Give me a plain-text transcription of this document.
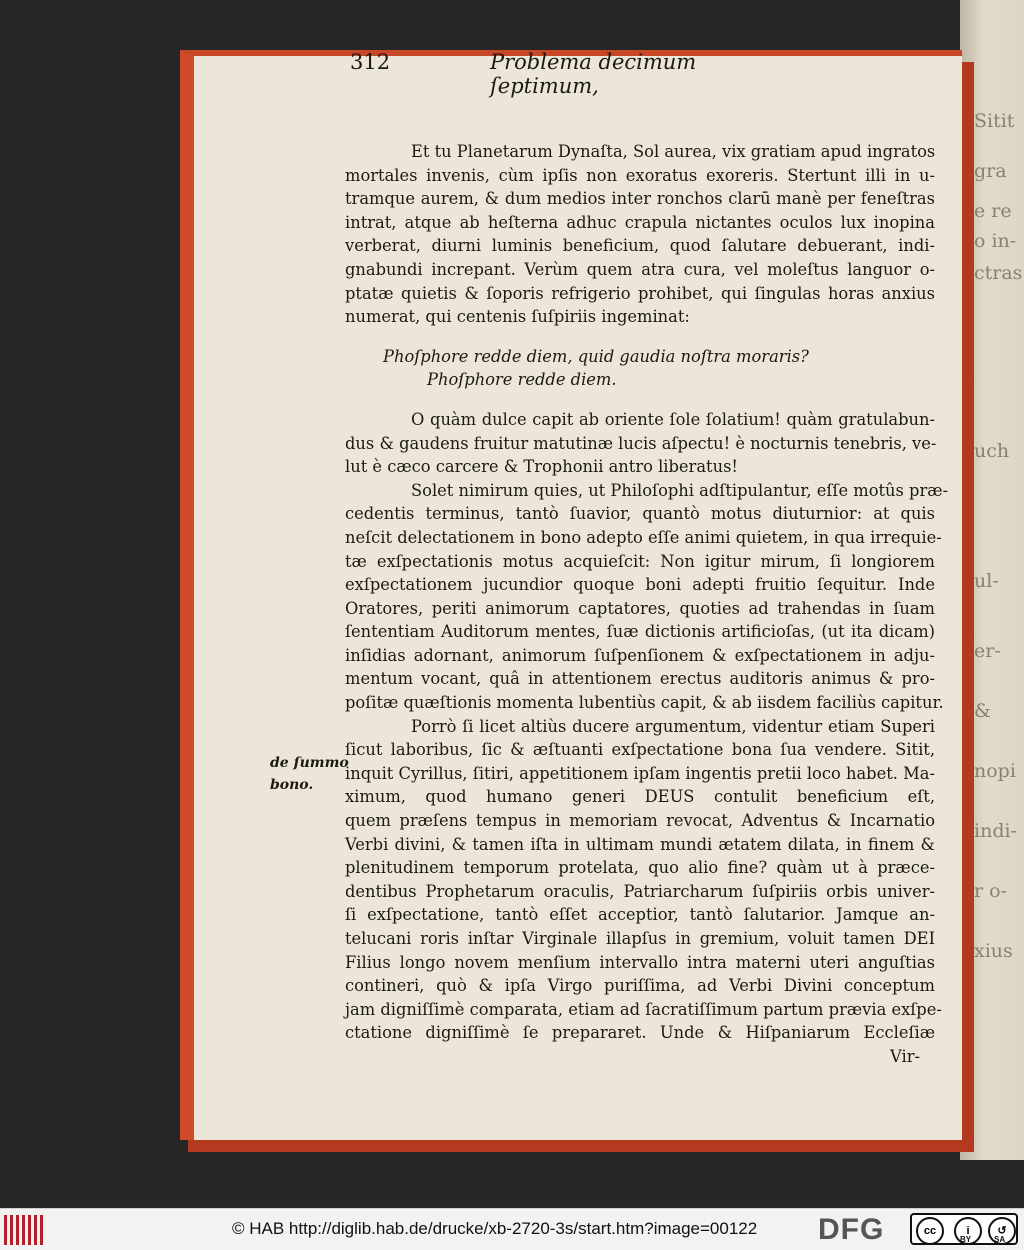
Sitit
gra
e re
o in-
ctras
uch
ul-
er-
&
nopi
indi-
r o-
xius
312	Problema decimum ſeptimum,
de ſummo
bono.
Et tu Planetarum Dynaſta, Sol aurea, vix gratiam apud ingratos
mortales invenis, cùm ipſis non exoratus exoreris. Stertunt illi in u-
tramque aurem, & dum medios inter ronchos clarū manè per feneſtras
intrat, atque ab heſterna adhuc crapula nictantes oculos lux inopina
verberat, diurni luminis beneficium, quod ſalutare debuerant, indi-
gnabundi increpant. Verùm quem atra cura, vel moleſtus languor o-
ptatæ quietis & ſoporis refrigerio prohibet, qui ſingulas horas anxius
numerat, qui centenis ſuſpiriis ingeminat:
Phoſphore redde diem, quid gaudia noſtra moraris?
Phoſphore redde diem.
O quàm dulce capit ab oriente ſole ſolatium! quàm gratulabun-
dus & gaudens fruitur matutinæ lucis aſpectu! è nocturnis tenebris, ve-
lut è cæco carcere & Trophonii antro liberatus!
Solet nimirum quies, ut Philoſophi adſtipulantur, eſſe motûs præ-
cedentis terminus, tantò ſuavior, quantò motus diuturnior: at quis
neſcit delectationem in bono adepto eſſe animi quietem, in qua irrequie-
tæ exſpectationis motus acquieſcit: Non igitur mirum, ſi longiorem
exſpectationem jucundior quoque boni adepti fruitio ſequitur. Inde
Oratores, periti animorum captatores, quoties ad trahendas in ſuam
ſententiam Auditorum mentes, ſuæ dictionis artificioſas, (ut ita dicam)
inſidias adornant, animorum ſuſpenſionem & exſpectationem in adju-
mentum vocant, quâ in attentionem erectus auditoris animus & pro-
poſitæ quæſtionis momenta lubentiùs capit, & ab iisdem faciliùs capitur.
Porrò ſi licet altiùs ducere argumentum, videntur etiam Superi
ſicut laboribus, ſic & æſtuanti exſpectatione bona ſua vendere. Sitit,
inquit Cyrillus, ſitiri, appetitionem ipſam ingentis pretii loco habet. Ma-
ximum, quod humano generi DEUS contulit beneficium eſt,
quem præſens tempus in memoriam revocat, Adventus & Incarnatio
Verbi divini, & tamen iſta in ultimam mundi ætatem dilata, in finem &
plenitudinem temporum protelata, quo alio fine? quàm ut à præce-
dentibus Prophetarum oraculis, Patriarcharum ſuſpiriis orbis univer-
ſi exſpectatione, tantò eſſet acceptior, tantò ſalutarior. Jamque an-
telucani roris inſtar Virginale illapſus in gremium, voluit tamen DEI
Filius longo novem menſium intervallo intra materni uteri anguſtias
contineri, quò & ipſa Virgo puriſſima, ad Verbi Divini conceptum
jam digniſſimè comparata, etiam ad ſacratiſſimum partum prævia exſpe-
ctatione digniſſimè ſe prepararet. Unde & Hiſpaniarum Eccleſiæ
Vir-
© HAB http://diglib.hab.de/drucke/xb-2720-3s/start.htm?image=00122 DFG	cc	i	↺
BY	SA
